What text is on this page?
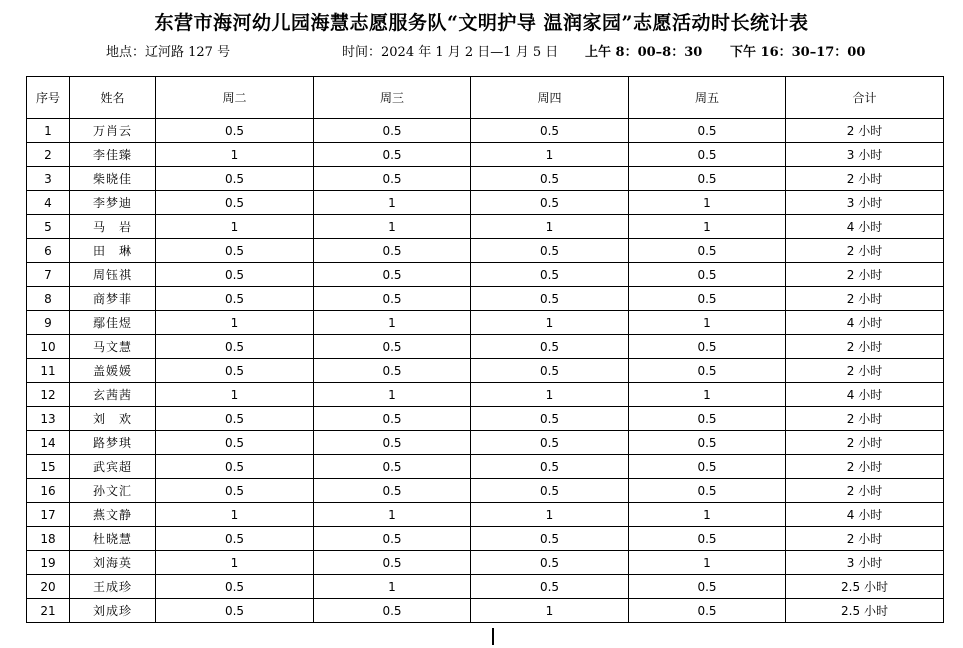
东营市海河幼儿园海慧志愿服务队“文明护导 温润家园”志愿活动时长统计表
地点：辽河路 127 号	时间：2024 年 1 月 2 日—1 月 5 日 上午 8：00–8：30 下午 16：30–17：00
序号	姓名	周二	周三	周四	周五	合计
1	万肖云	0.5	0.5	0.5	0.5	2 小时
2	李佳臻	1	0.5	1	0.5	3 小时
3	柴晓佳	0.5	0.5	0.5	0.5	2 小时
4	李梦迪	0.5	1	0.5	1	3 小时
5	马　岩	1	1	1	1	4 小时
6	田　琳	0.5	0.5	0.5	0.5	2 小时
7	周钰祺	0.5	0.5	0.5	0.5	2 小时
8	商梦菲	0.5	0.5	0.5	0.5	2 小时
9	鄢佳煜	1	1	1	1	4 小时
10	马文慧	0.5	0.5	0.5	0.5	2 小时
11	盖媛媛	0.5	0.5	0.5	0.5	2 小时
12	玄茜茜	1	1	1	1	4 小时
13	刘　欢	0.5	0.5	0.5	0.5	2 小时
14	路梦琪	0.5	0.5	0.5	0.5	2 小时
15	武宾超	0.5	0.5	0.5	0.5	2 小时
16	孙文汇	0.5	0.5	0.5	0.5	2 小时
17	燕文静	1	1	1	1	4 小时
18	杜晓慧	0.5	0.5	0.5	0.5	2 小时
19	刘海英	1	0.5	0.5	1	3 小时
20	王成珍	0.5	1	0.5	0.5	2.5 小时
21	刘成珍	0.5	0.5	1	0.5	2.5 小时
